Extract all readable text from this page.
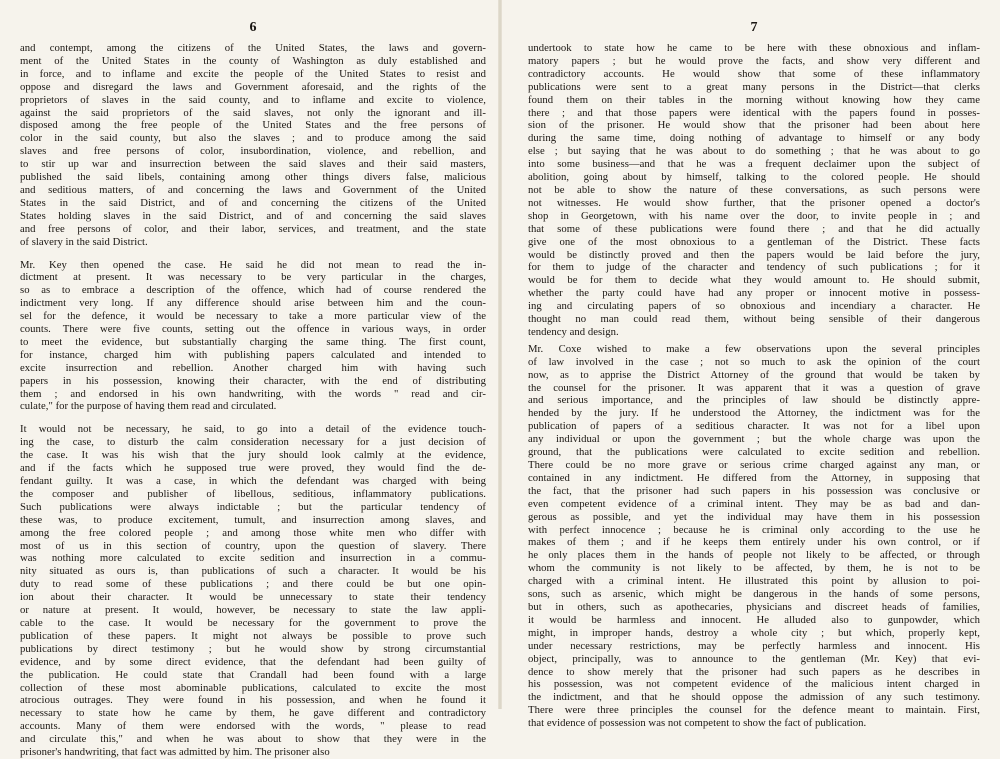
6
and contempt, among the citizens of the United States, the laws and govern-
ment of the United States in the county of Washington as duly established and
in force, and to inflame and excite the people of the United States to resist and
oppose and disregard the laws and Government aforesaid, and the rights of the
proprietors of slaves in the said county, and to inflame and excite to violence,
against the said proprietors of the said slaves, not only the ignorant and ill-
disposed among the free people of the United States and the free persons of
color in the said county, but also the slaves ; and to produce among the said
slaves and free persons of color, insubordination, violence, and rebellion, and
to stir up war and insurrection between the said slaves and their said masters,
published the said libels, containing among other things divers false, malicious
and seditious matters, of and concerning the laws and Government of the United
States in the said District, and of and concerning the citizens of the United
States holding slaves in the said District, and of and concerning the said slaves
and free persons of color, and their labor, services, and treatment, and the state
of slavery in the said District.
Mr. Key then opened the case. He said he did not mean to read the in-
dictment at present. It was necessary to be very particular in the charges,
so as to embrace a description of the offence, which had of course rendered the
indictment very long. If any difference should arise between him and the coun-
sel for the defence, it would be necessary to take a more particular view of the
counts. There were five counts, setting out the offence in various ways, in order
to meet the evidence, but substantially charging the same thing. The first count,
for instance, charged him with publishing papers calculated and intended to
excite insurrection and rebellion. Another charged him with having such
papers in his possession, knowing their character, with the end of distributing
them ; and endorsed in his own handwriting, with the words " read and cir-
culate," for the purpose of having them read and circulated.
It would not be necessary, he said, to go into a detail of the evidence touch-
ing the case, to disturb the calm consideration necessary for a just decision of
the case. It was his wish that the jury should look calmly at the evidence,
and if the facts which he supposed true were proved, they would find the de-
fendant guilty. It was a case, in which the defendant was charged with being
the composer and publisher of libellous, seditious, inflammatory publications.
Such publications were always indictable ; but the particular tendency of
these was, to produce excitement, tumult, and insurrection among slaves, and
among the free colored people ; and among those white men who differ with
most of us in this section of country, upon the question of slavery. There
was nothing more calculated to excite sedition and insurrection in a commu-
nity situated as ours is, than publications of such a character. It would be his
duty to read some of these publications ; and there could be but one opin-
ion about their character. It would be unnecessary to state their tendency
or nature at present. It would, however, be necessary to state the law appli-
cable to the case. It would be necessary for the government to prove the
publication of these papers. It might not always be possible to prove such
publications by direct testimony ; but he would show by strong circumstantial
evidence, and by some direct evidence, that the defendant had been guilty of
the publication. He could state that Crandall had been found with a large
collection of these most abominable publications, calculated to excite the most
atrocious outrages. They were found in his possession, and when he found it
necessary to state how he came by them, he gave different and contradictory
accounts. Many of them were endorsed with the words, " please to read
and circulate this," and when he was about to show that they were in the
prisoner's handwriting, that fact was admitted by him. The prisoner also
7
undertook to state how he came to be here with these obnoxious and inflam-
matory papers ; but he would prove the facts, and show very different and
contradictory accounts. He would show that some of these inflammatory
publications were sent to a great many persons in the District—that clerks
found them on their tables in the morning without knowing how they came
there ; and that those papers were identical with the papers found in posses-
sion of the prisoner. He would show that the prisoner had been about here
during the same time, doing nothing of advantage to himself or any body
else ; but saying that he was about to do something ; that he was about to go
into some business—and that he was a frequent declaimer upon the subject of
abolition, going about by himself, talking to the colored people. He should
not be able to show the nature of these conversations, as such persons were
not witnesses. He would show further, that the prisoner opened a doctor's
shop in Georgetown, with his name over the door, to invite people in ; and
that some of these publications were found there ; and that he did actually
give one of the most obnoxious to a gentleman of the District. These facts
would be distinctly proved and then the papers would be laid before the jury,
for them to judge of the character and tendency of such publications ; for it
would be for them to decide what they would amount to. He should submit,
whether the party could have had any proper or innocent motive in possess-
ing and circulating papers of so obnoxious and incendiary a character. He
thought no man could read them, without being sensible of their dangerous
tendency and design.
Mr. Coxe wished to make a few observations upon the several principles
of law involved in the case ; not so much to ask the opinion of the court
now, as to apprise the District Attorney of the ground that would be taken by
the counsel for the prisoner. It was apparent that it was a question of grave
and serious importance, and the principles of law should be distinctly appre-
hended by the jury. If he understood the Attorney, the indictment was for the
publication of papers of a seditious character. It was not for a libel upon
any individual or upon the government ; but the whole charge was upon the
ground, that the publications were calculated to excite sedition and rebellion.
There could be no more grave or serious crime charged against any man, or
contained in any indictment. He differed from the Attorney, in supposing that
the fact, that the prisoner had such papers in his possession was conclusive or
even competent evidence of a criminal intent. They may be as bad and dan-
gerous as possible, and yet the individual may have them in his possession
with perfect innocence ; because he is criminal only according to the use he
makes of them ; and if he keeps them entirely under his own control, or if
he only places them in the hands of people not likely to be affected, or through
whom the community is not likely to be affected, by them, he is not to be
charged with a criminal intent. He illustrated this point by allusion to poi-
sons, such as arsenic, which might be dangerous in the hands of some persons,
but in others, such as apothecaries, physicians and discreet heads of families,
it would be harmless and innocent. He alluded also to gunpowder, which
might, in improper hands, destroy a whole city ; but which, properly kept,
under necessary restrictions, may be perfectly harmless and innocent. His
object, principally, was to announce to the gentleman (Mr. Key) that evi-
dence to show merely that the prisoner had such papers as he describes in
his possession, was not competent evidence of the malicious intent charged in
the indictment, and that he should oppose the admission of any such testimony.
There were three principles the counsel for the defence meant to maintain. First,
that evidence of possession was not competent to show the fact of publication.
